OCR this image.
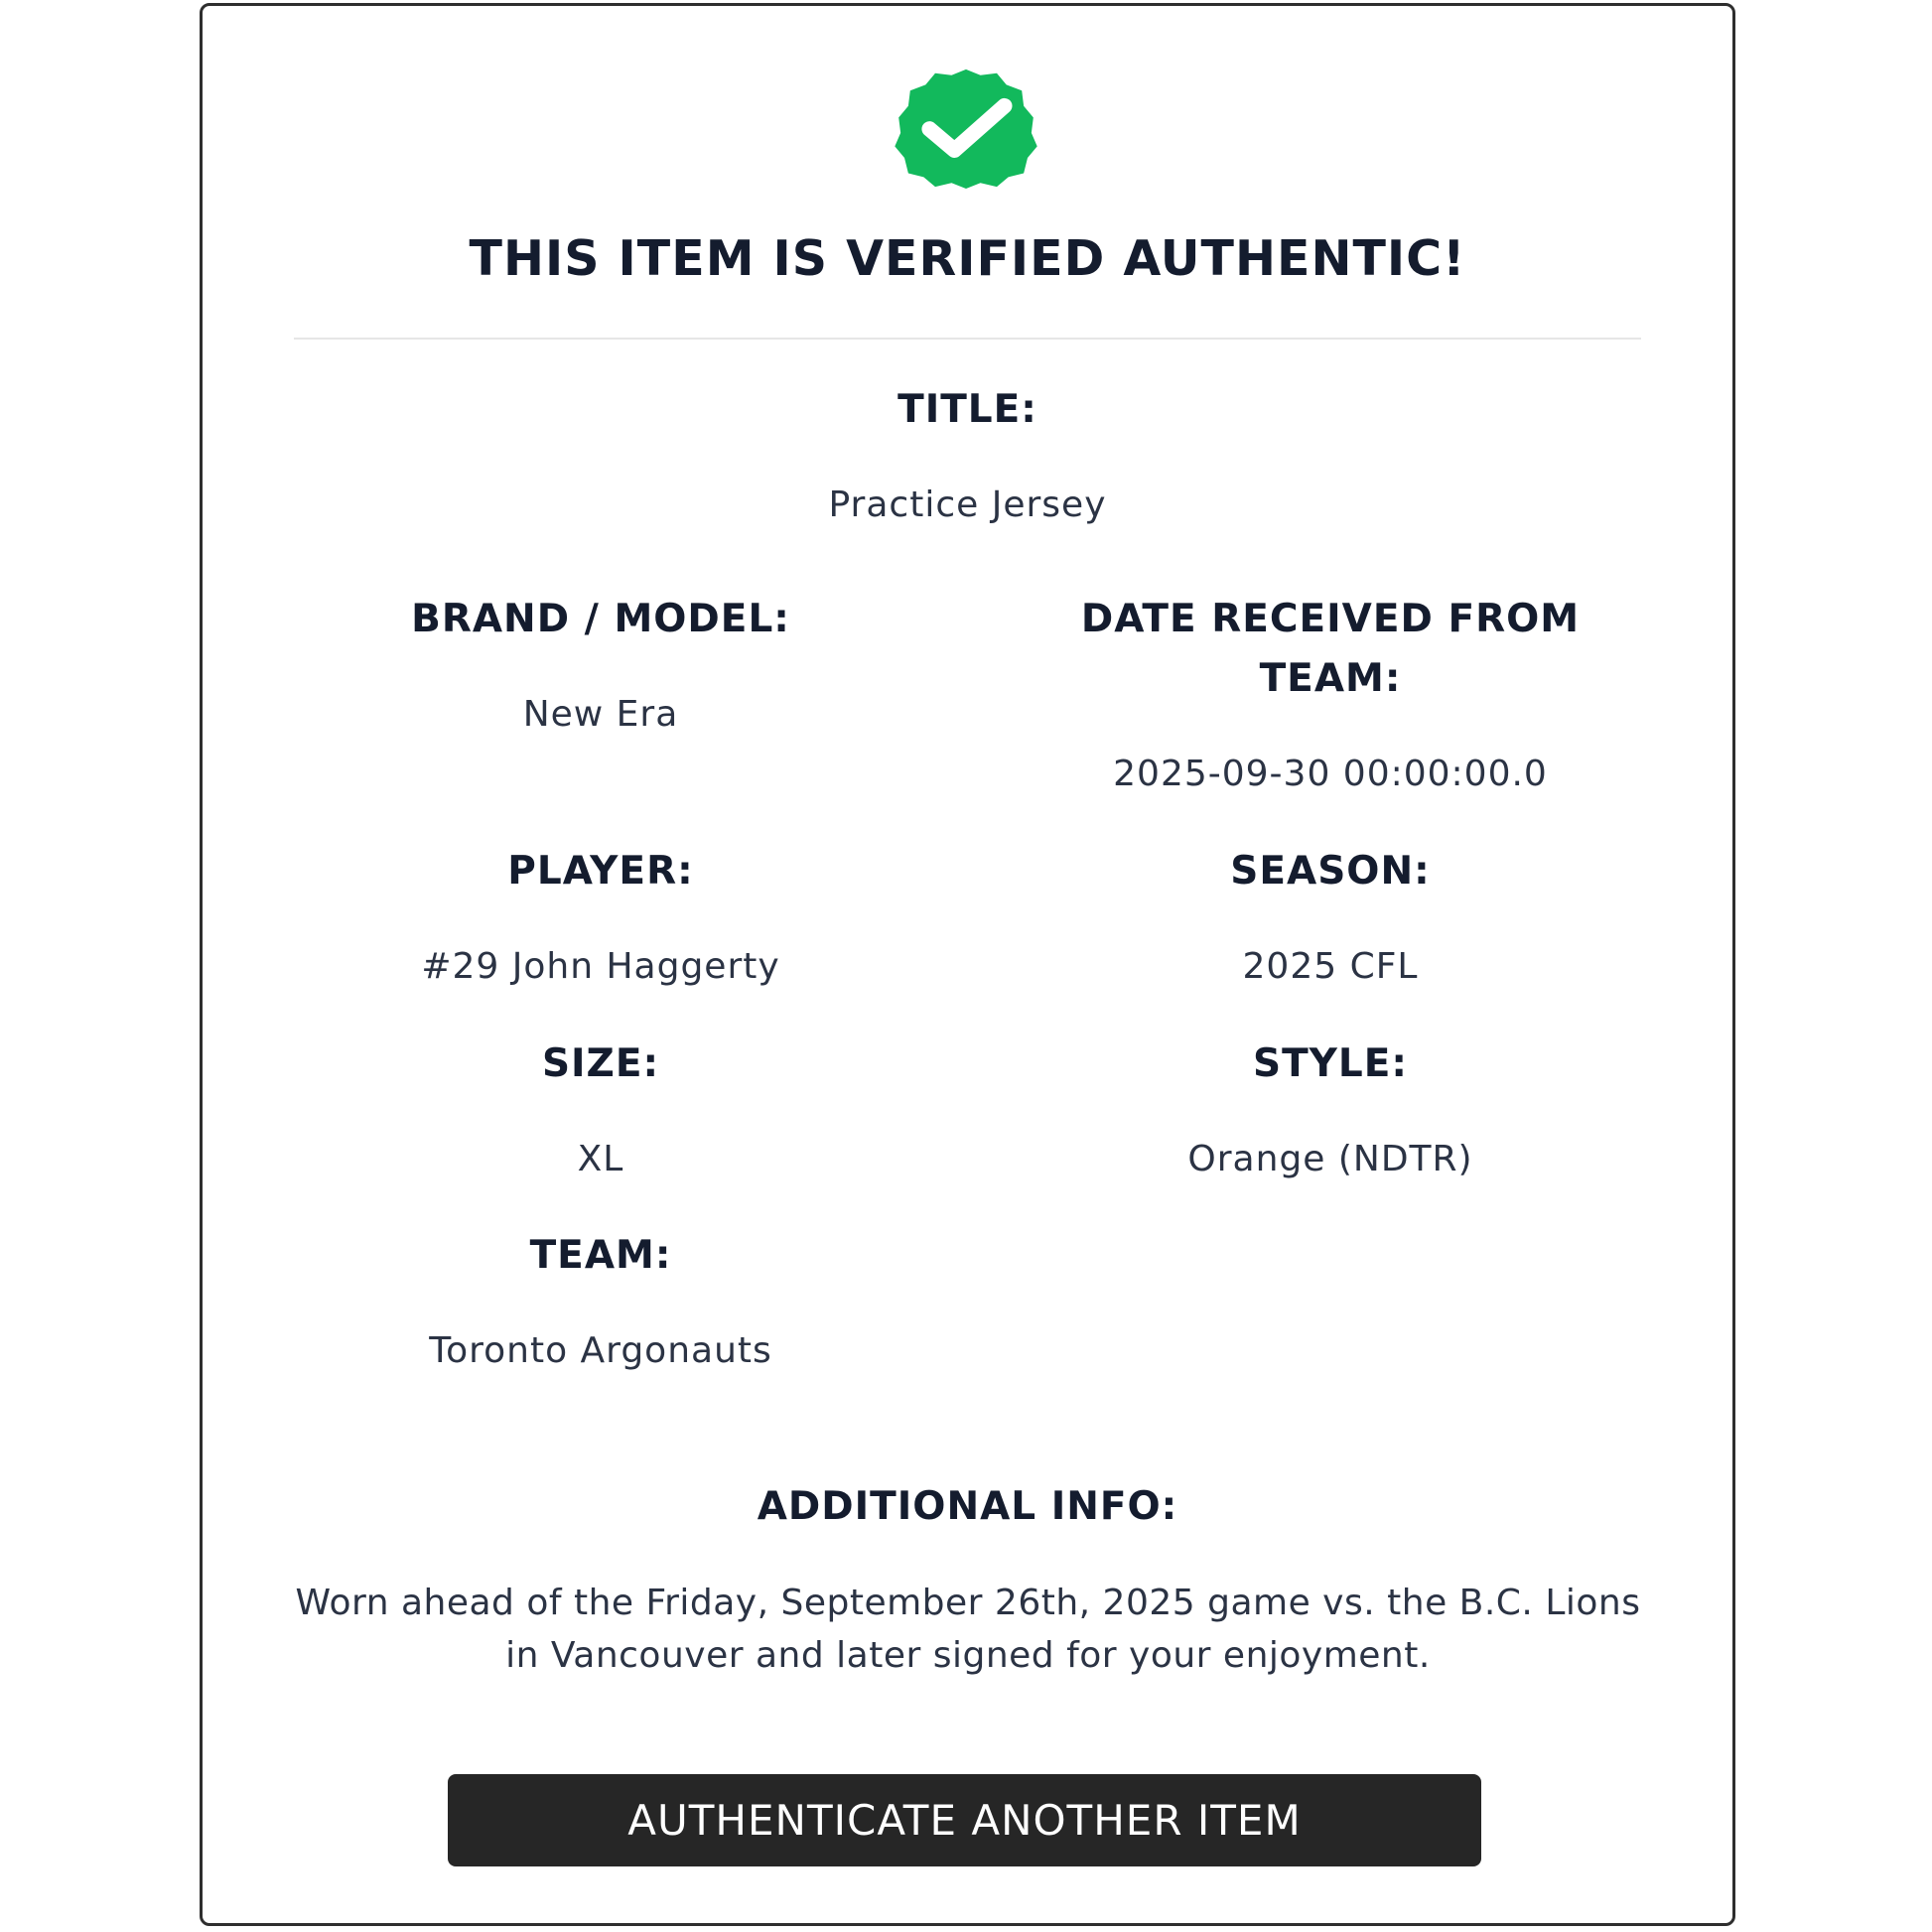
THIS ITEM IS VERIFIED AUTHENTIC!
TITLE:
Practice Jersey
BRAND / MODEL:
New Era
DATE RECEIVED FROM TEAM:
2025-09-30 00:00:00.0
PLAYER:
#29 John Haggerty
SEASON:
2025 CFL
SIZE:
XL
STYLE:
Orange (NDTR)
TEAM:
Toronto Argonauts
ADDITIONAL INFO:
Worn ahead of the Friday, September 26th, 2025 game vs. the B.C. Lions in Vancouver and later signed for your enjoyment.
AUTHENTICATE ANOTHER ITEM
